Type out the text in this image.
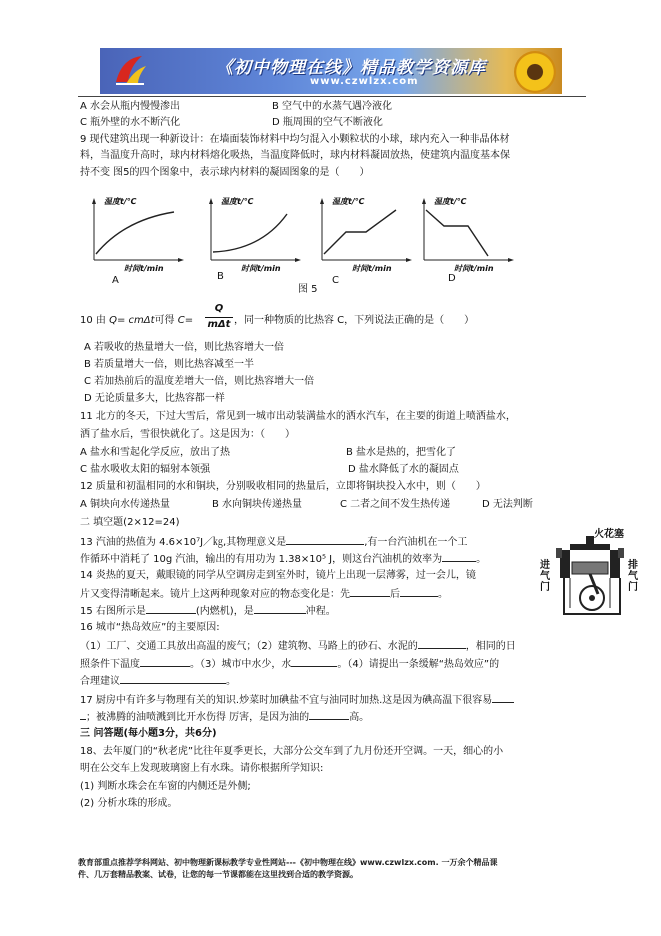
《初中物理在线》精品教学资源库
www.czwlzx.com
A 水会从瓶内慢慢渗出	B 空气中的水蒸气遇冷液化
C 瓶外壁的水不断汽化	D 瓶周围的空气不断液化
9 现代建筑出现一种新设计：在墙面装饰材料中均匀混入小颗粒状的小球，球内充入一种非晶体材
料，当温度升高时，球内材料熔化吸热，当温度降低时，球内材料凝固放热，使建筑内温度基本保
持不变 图5的四个图象中，表示球内材料的凝固图象的是（　　）
温度t/℃
时间t/min
A
温度t/℃
时间t/min
B
温度t/℃
时间t/min
C
温度t/℃
时间t/min
D
图 5
10 由 Q= cmΔt可得 C=
Q
mΔt ，同一种物质的比热容 C，下列说法正确的是（　　）
A 若吸收的热量增大一倍，则比热容增大一倍
B 若质量增大一倍，则比热容减至一半
C 若加热前后的温度差增大一倍，则比热容增大一倍
D 无论质量多大，比热容都一样
11 北方的冬天，下过大雪后，常见到一城市出动装满盐水的洒水汽车，在主要的街道上喷洒盐水，
洒了盐水后，雪很快就化了。这是因为：（　　）
A 盐水和雪起化学反应，放出了热	B 盐水是热的，把雪化了
C 盐水吸收太阳的辐射本领强	D 盐水降低了水的凝固点
12 质量和初温相同的水和铜块，分别吸收相同的热量后，立即将铜块投入水中，则（　　）
A 铜块向水传递热量	B 水向铜块传递热量	C 二者之间不发生热传递	D 无法判断
二 填空题(2×12=24)
13 汽油的热值为 4.6×10⁷J／㎏,其物理意义是	,有一台汽油机在一个工
作循环中消耗了 10g 汽油，输出的有用功为 1.38×10⁵ J，则这台汽油机的效率为	。
火花塞
进气门
排气门
14 炎热的夏天，戴眼镜的同学从空调房走到室外时，镜片上出现一层薄雾，过一会儿，镜
片又变得清晰起来。镜片上这两种现象对应的物态变化是：先	后	。
15 右图所示是	(内燃机)，是	冲程。
16 城市“热岛效应”的主要原因:
（1）工厂、交通工具放出高温的废气；（2）建筑物、马路上的砂石、水泥的	，相同的日
照条件下温度	。（3）城市中水少，水	。（4）请提出一条缓解“热岛效应”的
合理建议	。
17 厨房中有许多与物理有关的知识.炒菜时加碘盐不宜与油同时加热.这是因为碘高温下很容易
；被沸腾的油喷溅到比开水伤得 厉害，是因为油的	高。
三 问答题(每小题3分，共6分)
18、去年厦门的“秋老虎”比往年夏季更长，大部分公交车到了九月份还开空调。一天，细心的小
明在公交车上发现玻璃窗上有水珠。请你根据所学知识:
(1) 判断水珠会在车窗的内侧还是外侧;
(2) 分析水珠的形成。
教育部重点推荐学科网站、初中物理新课标教学专业性网站---《初中物理在线》www.czwlzx.com. 一万余个精品课
件、几万套精品教案、试卷，让您的每一节课都能在这里找到合适的教学资源。
